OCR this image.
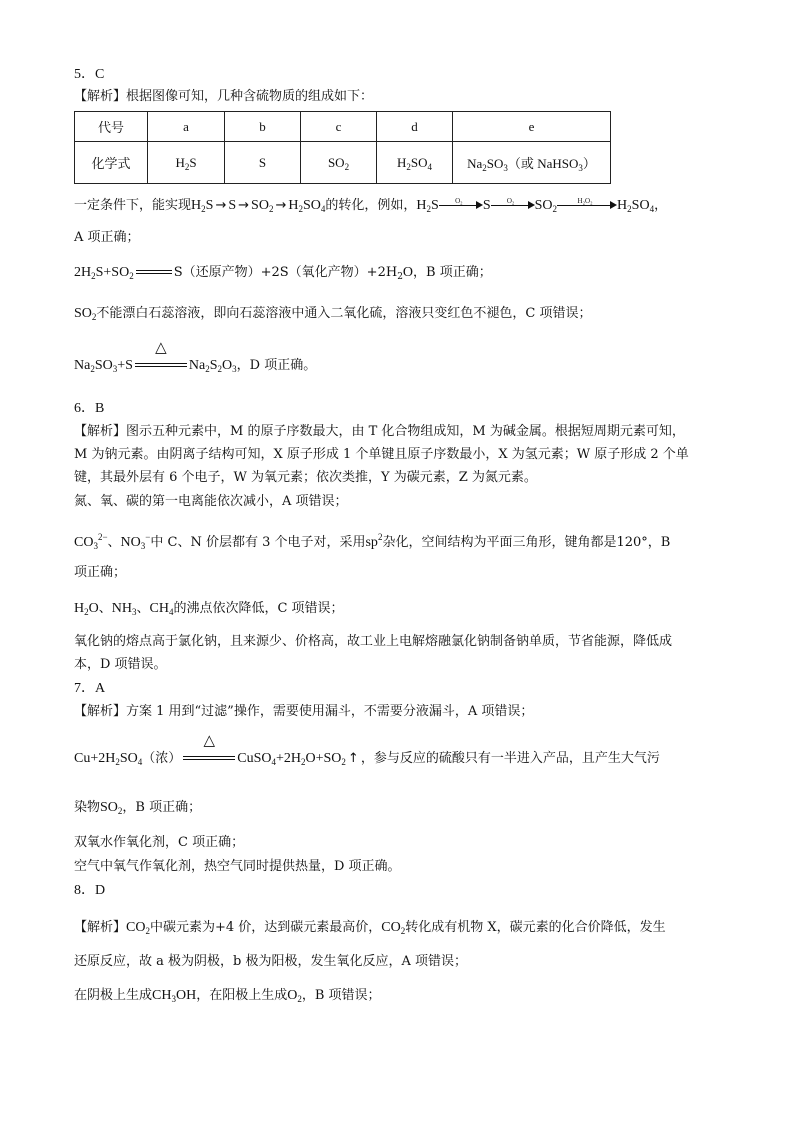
5．C
【解析】根据图像可知，几种含硫物质的组成如下：
代号	a	b	c	d	e
化学式	$H_2S$	S	$SO_2$	$H_2SO_4$	$Na_2SO_3$（或 NaHSO$_3$）
一定条件下，能实现$H_2S \to S \to SO_2 \to H_2SO_4$的转化，例如，$H_2S$	O₂	S	O₂	$SO_2$
H₂O₂	$H_2SO_4$，
A 项正确；
$2H_2S+SO_2$	S（还原产物）+2S（氧化产物）$+2H_2O$，B 项正确；
$SO_2$不能漂白石蕊溶液，即向石蕊溶液中通入二氧化硫，溶液只变红色不褪色，C 项错误；
$Na_2SO_3+S$
△
$Na_2S_2O_3$，D 项正确。
6．B
【解析】图示五种元素中，M 的原子序数最大，由 T 化合物组成知，M 为碱金属。根据短周期元素可知，
M 为钠元素。由阴离子结构可知，X 原子形成 1 个单键且原子序数最小，X 为氢元素；W 原子形成 2 个单
键，其最外层有 6 个电子，W 为氧元素；依次类推，Y 为碳元素，Z 为氮元素。
氮、氧、碳的第一电离能依次减小，A 项错误；
$CO_3^{2-}$、$NO_3^-$中 C、N 价层都有 3 个电子对，采用$sp^2$杂化，空间结构为平面三角形，键角都是120°，B
项正确；
$H_2O$、$NH_3$、$CH_4$的沸点依次降低，C 项错误；
氧化钠的熔点高于氯化钠，且来源少、价格高，故工业上电解熔融氯化钠制备钠单质，节省能源，降低成
本，D 项错误。
7．A
【解析】方案 1 用到“过滤”操作，需要使用漏斗，不需要分液漏斗，A 项错误；
$Cu+2H_2SO_4$（浓）
△
$CuSO_4+2H_2O+SO_2$ ↑ ，参与反应的硫酸只有一半进入产品，且产生大气污
染物$SO_2$，B 项正确；
双氧水作氧化剂，C 项正确；
空气中氧气作氧化剂，热空气同时提供热量，D 项正确。
8．D
【解析】$CO_2$中碳元素为+4 价，达到碳元素最高价，$CO_2$转化成有机物 X，碳元素的化合价降低，发生
还原反应，故 a 极为阴极，b 极为阳极，发生氧化反应，A 项错误；
在阴极上生成$CH_3OH$，在阳极上生成$O_2$，B 项错误；
